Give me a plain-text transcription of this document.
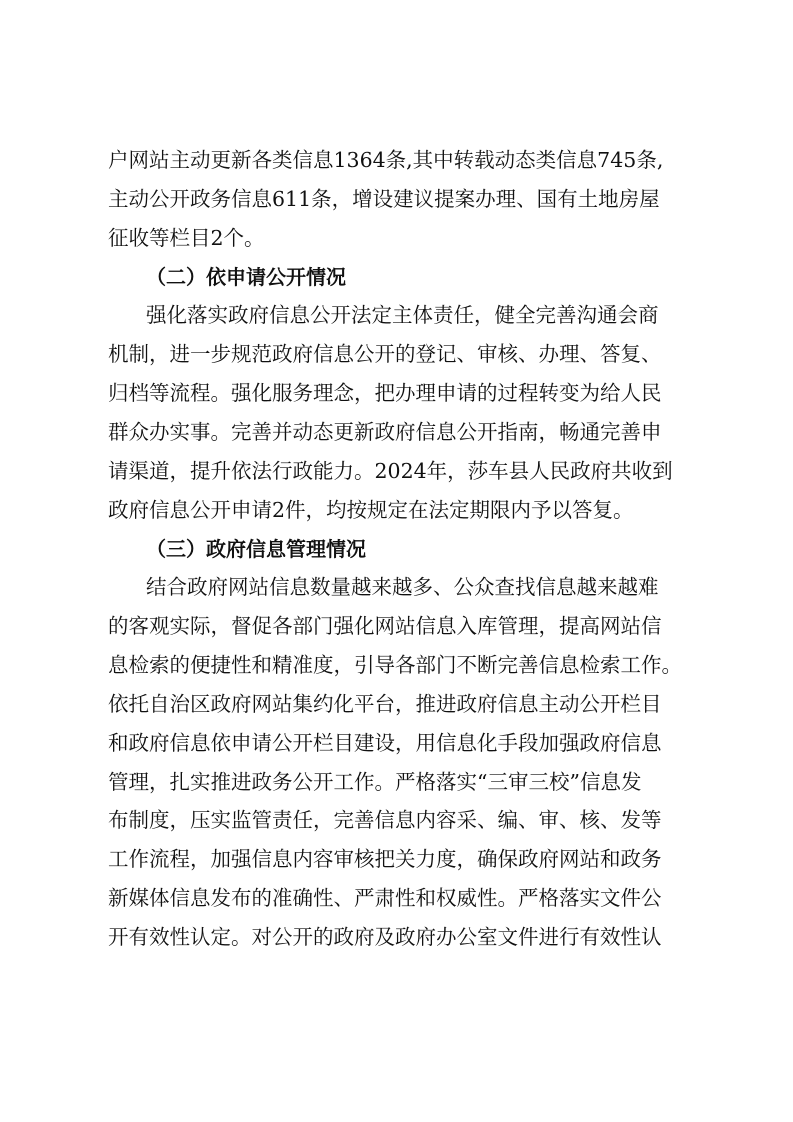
户网站主动更新各类信息1364条,其中转载动态类信息745条,
主动公开政务信息611条，增设建议提案办理、国有土地房屋
征收等栏目2个。
（二）依申请公开情况
强化落实政府信息公开法定主体责任，健全完善沟通会商
机制，进一步规范政府信息公开的登记、审核、办理、答复、
归档等流程。强化服务理念，把办理申请的过程转变为给人民
群众办实事。完善并动态更新政府信息公开指南，畅通完善申
请渠道，提升依法行政能力。2024年，莎车县人民政府共收到
政府信息公开申请2件，均按规定在法定期限内予以答复。
（三）政府信息管理情况
结合政府网站信息数量越来越多、公众查找信息越来越难
的客观实际，督促各部门强化网站信息入库管理，提高网站信
息检索的便捷性和精准度，引导各部门不断完善信息检索工作。
依托自治区政府网站集约化平台，推进政府信息主动公开栏目
和政府信息依申请公开栏目建设，用信息化手段加强政府信息
管理，扎实推进政务公开工作。严格落实“三审三校”信息发
布制度，压实监管责任，完善信息内容采、编、审、核、发等
工作流程，加强信息内容审核把关力度，确保政府网站和政务
新媒体信息发布的准确性、严肃性和权威性。严格落实文件公
开有效性认定。对公开的政府及政府办公室文件进行有效性认
